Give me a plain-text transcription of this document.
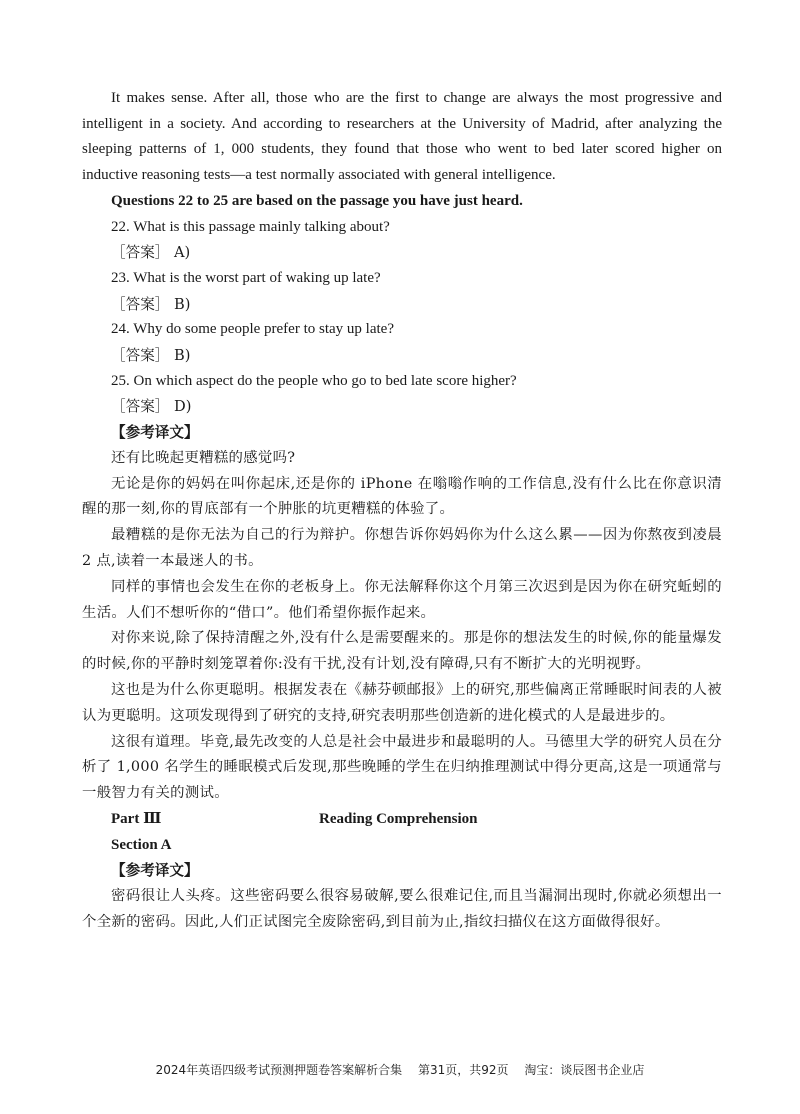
It makes sense. After all, those who are the first to change are always the most progressive and intelligent in a society. And according to researchers at the University of Madrid, after analyzing the sleeping patterns of 1, 000 students, they found that those who went to bed later scored higher on inductive reasoning tests—a test normally associated with general intelligence.

Questions 22 to 25 are based on the passage you have just heard.

22. What is this passage mainly talking about?

［答案］ A)

23. What is the worst part of waking up late?

［答案］ B)

24. Why do some people prefer to stay up late?

［答案］ B)

25. On which aspect do the people who go to bed late score higher?

［答案］ D)

【参考译文】

还有比晚起更糟糕的感觉吗?

无论是你的妈妈在叫你起床,还是你的 iPhone 在嗡嗡作响的工作信息,没有什么比在你意识清醒的那一刻,你的胃底部有一个肿胀的坑更糟糕的体验了。

最糟糕的是你无法为自己的行为辩护。你想告诉你妈妈你为什么这么累——因为你熬夜到凌晨 2 点,读着一本最迷人的书。

同样的事情也会发生在你的老板身上。你无法解释你这个月第三次迟到是因为你在研究蚯蚓的生活。人们不想听你的“借口”。他们希望你振作起来。

对你来说,除了保持清醒之外,没有什么是需要醒来的。那是你的想法发生的时候,你的能量爆发的时候,你的平静时刻笼罩着你:没有干扰,没有计划,没有障碍,只有不断扩大的光明视野。

这也是为什么你更聪明。根据发表在《赫芬顿邮报》上的研究,那些偏离正常睡眠时间表的人被认为更聪明。这项发现得到了研究的支持,研究表明那些创造新的进化模式的人是最进步的。

这很有道理。毕竟,最先改变的人总是社会中最进步和最聪明的人。马德里大学的研究人员在分析了 1,000 名学生的睡眠模式后发现,那些晚睡的学生在归纳推理测试中得分更高,这是一项通常与一般智力有关的测试。

Part Ⅲ	Reading Comprehension

Section A

【参考译文】

密码很让人头疼。这些密码要么很容易破解,要么很难记住,而且当漏洞出现时,你就必须想出一个全新的密码。因此,人们正试图完全废除密码,到目前为止,指纹扫描仪在这方面做得很好。

2024年英语四级考试预测押题卷答案解析合集 第31页，共92页 淘宝：谈辰图书企业店
